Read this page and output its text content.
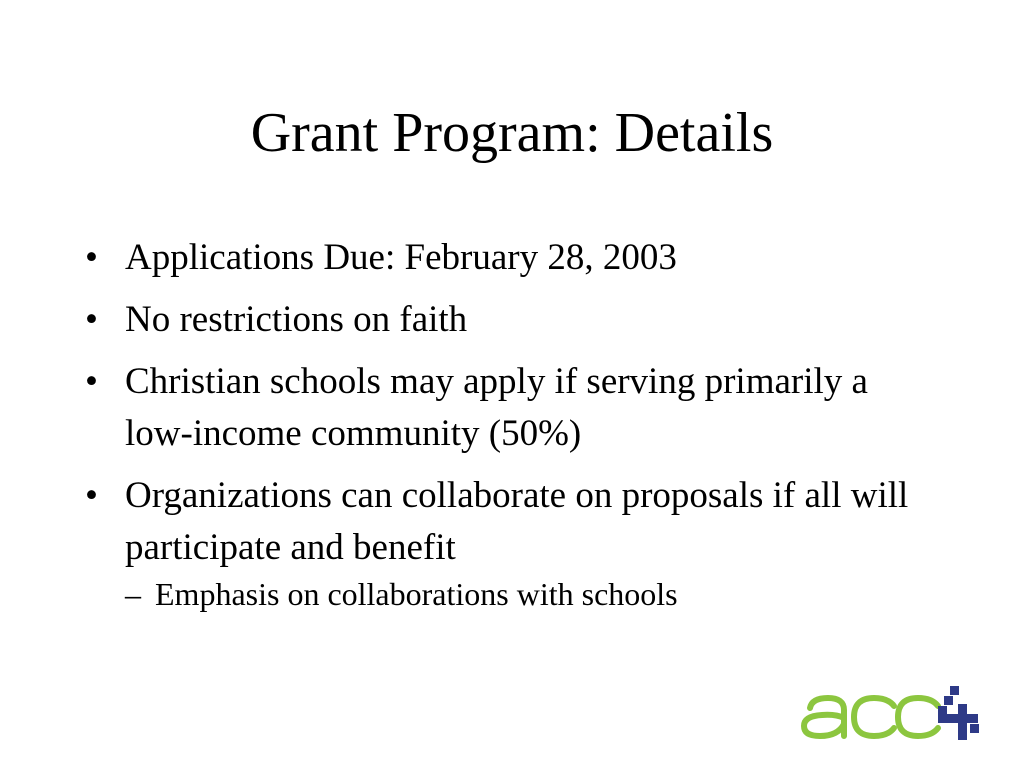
Grant Program: Details
• Applications Due: February 28, 2003
• No restrictions on faith
• Christian schools may apply if serving primarily a low-income community (50%)
• Organizations can collaborate on proposals if all will participate and benefit
– Emphasis on collaborations with schools
